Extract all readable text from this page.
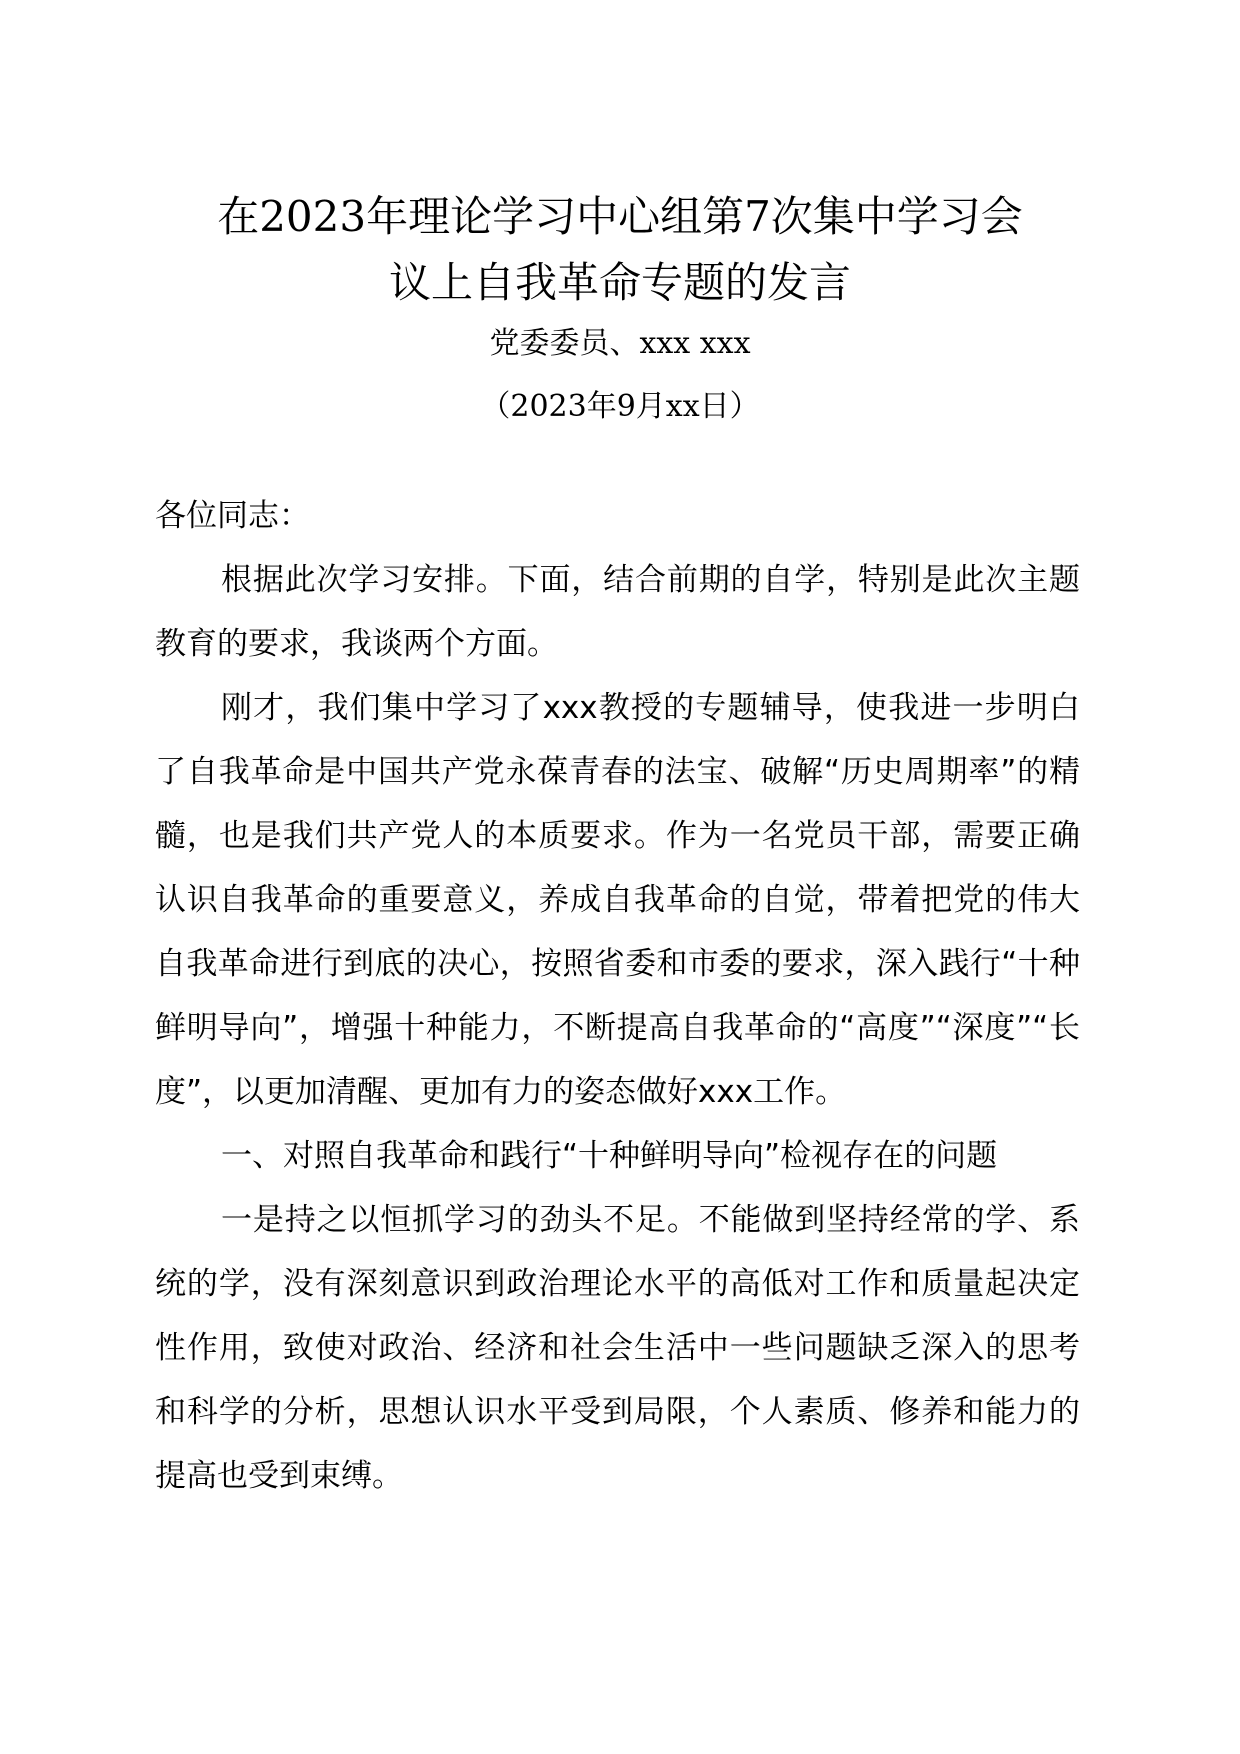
在2023年理论学习中心组第7次集中学习会
议上自我革命专题的发言
党委委员、xxx xxx
（2023年9月xx日）

各位同志：

根据此次学习安排。下面，结合前期的自学，特别是此次主题教育的要求，我谈两个方面。

刚才，我们集中学习了xxx教授的专题辅导，使我进一步明白了自我革命是中国共产党永葆青春的法宝、破解“历史周期率”的精髓，也是我们共产党人的本质要求。作为一名党员干部，需要正确认识自我革命的重要意义，养成自我革命的自觉，带着把党的伟大自我革命进行到底的决心，按照省委和市委的要求，深入践行“十种鲜明导向”，增强十种能力，不断提高自我革命的“高度”“深度”“长度”，以更加清醒、更加有力的姿态做好xxx工作。

一、对照自我革命和践行“十种鲜明导向”检视存在的问题

一是持之以恒抓学习的劲头不足。不能做到坚持经常的学、系统的学，没有深刻意识到政治理论水平的高低对工作和质量起决定性作用，致使对政治、经济和社会生活中一些问题缺乏深入的思考和科学的分析，思想认识水平受到局限，个人素质、修养和能力的提高也受到束缚。
